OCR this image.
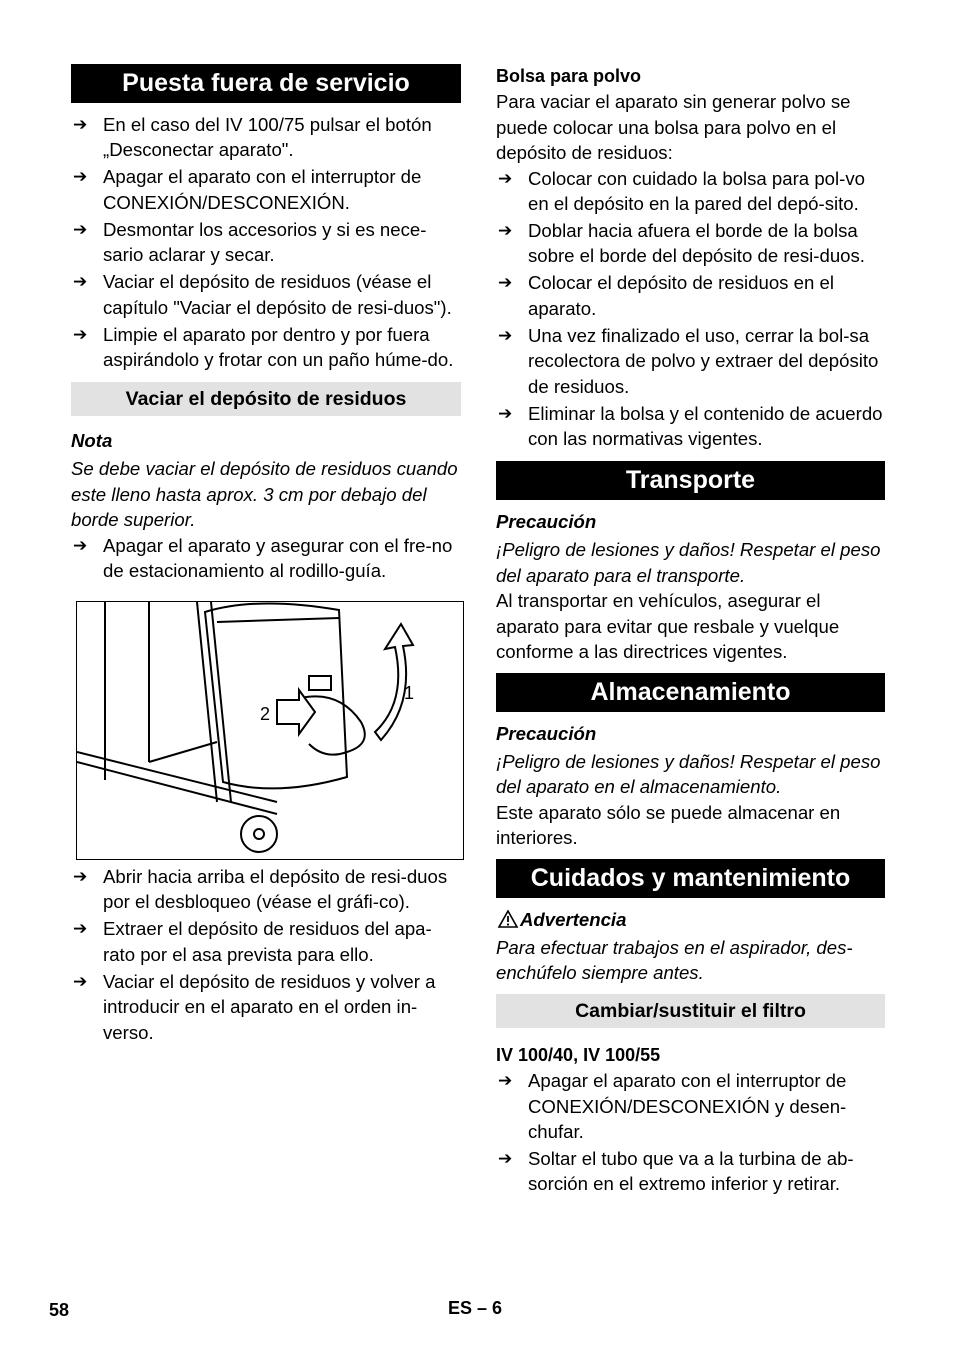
Puesta fuera de servicio
➔ En el caso del IV 100/75 pulsar el botón „Desconectar aparato".
➔ Apagar el aparato con el interruptor de CONEXIÓN/DESCONEXIÓN.
➔ Desmontar los accesorios y si es nece-sario aclarar y secar.
➔ Vaciar el depósito de residuos (véase el capítulo "Vaciar el depósito de resi-duos").
➔ Limpie el aparato por dentro y por fuera aspirándolo y frotar con un paño húme-do.
Vaciar el depósito de residuos

Nota

Se debe vaciar el depósito de residuos cuando este lleno hasta aprox. 3 cm por debajo del borde superior.

➔ Apagar el aparato y asegurar con el fre-no de estacionamiento al rodillo-guía.
1
2
➔ Abrir hacia arriba el depósito de resi-duos por el desbloqueo (véase el gráfi-co).
➔ Extraer el depósito de residuos del apa-rato por el asa prevista para ello.
➔ Vaciar el depósito de residuos y volver a introducir en el aparato en el orden in-verso.

Bolsa para polvo

Para vaciar el aparato sin generar polvo se puede colocar una bolsa para polvo en el depósito de residuos:

➔ Colocar con cuidado la bolsa para pol-vo en el depósito en la pared del depó-sito.
➔ Doblar hacia afuera el borde de la bolsa sobre el borde del depósito de resi-duos.
➔ Colocar el depósito de residuos en el aparato.
➔ Una vez finalizado el uso, cerrar la bol-sa recolectora de polvo y extraer del depósito de residuos.
➔ Eliminar la bolsa y el contenido de acuerdo con las normativas vigentes.
Transporte

Precaución

¡Peligro de lesiones y daños! Respetar el peso del aparato para el transporte.

Al transportar en vehículos, asegurar el aparato para evitar que resbale y vuelque conforme a las directrices vigentes.

Almacenamiento

Precaución

¡Peligro de lesiones y daños! Respetar el peso del aparato en el almacenamiento.

Este aparato sólo se puede almacenar en interiores.

Cuidados y mantenimiento

Advertencia

Para efectuar trabajos en el aspirador, des-enchúfelo siempre antes.

Cambiar/sustituir el filtro

IV 100/40, IV 100/55

➔ Apagar el aparato con el interruptor de CONEXIÓN/DESCONEXIÓN y desen-chufar.
➔ Soltar el tubo que va a la turbina de ab-sorción en el extremo inferior y retirar.
58	ES – 6
